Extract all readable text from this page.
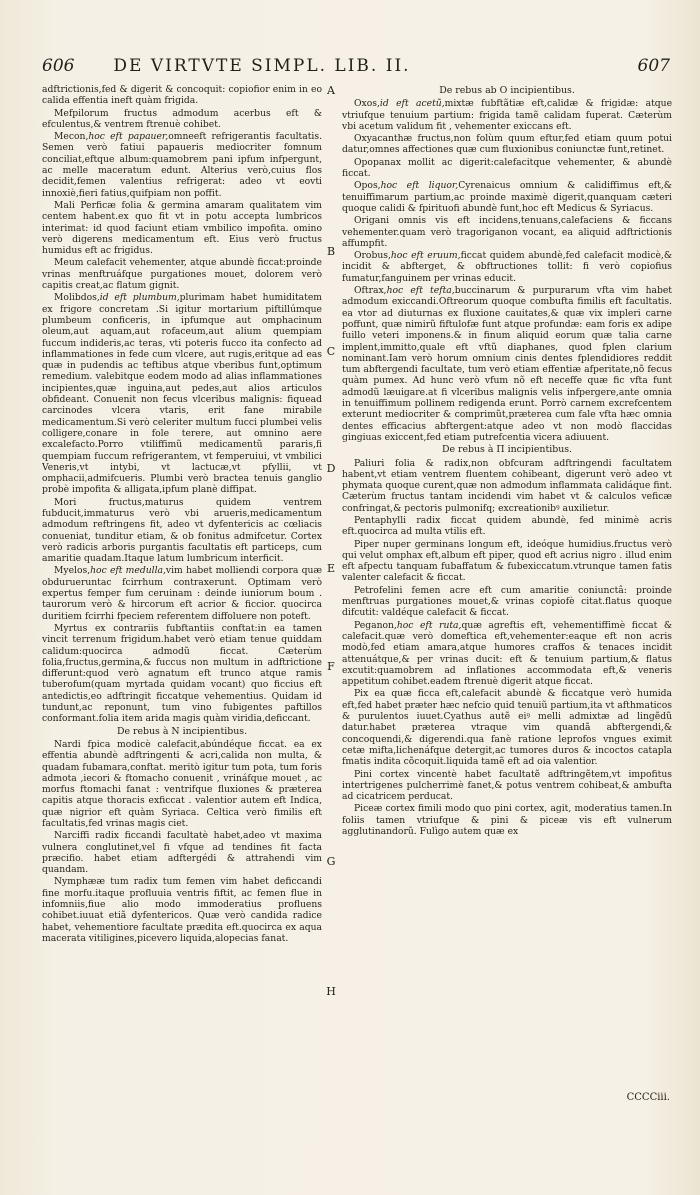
606	DE VIRTVTE SIMPL. LIB. II.	607

adftrictionis,fed & digerit & concoquit: copiofior enim in eo calida effentia ineft quàm frigida.

Mefpilorum fructus admodum acerbus eft & efculentus,& ventrem ftrenuè cohibet.

Mecon,hoc eft papauer,omneeft refrigerantis facultatis. Semen verò fatiui papaueris mediocriter fomnum conciliat,eftque album:quamobrem pani ipfum infpergunt, ac melle maceratum edunt. Alterius verò,cuius flos decidit,femen valentius refrigerat: adeo vt eovti innoxiè,fieri fatius,quifpiam non poffit.

Mali Perficæ folia & germina amaram qualitatem vim centem habent.ex quo fit vt in potu accepta lumbricos interimat: id quod faciunt etiam vmbilico impofita. omino verò digerens medicamentum eft. Eius verò fructus humidus eft ac frigidus.

Meum calefacit vehementer, atque abundè ficcat:proinde vrinas menftruáfque purgationes mouet, dolorem verò capitis creat,ac flatum gignit.

Molibdos,id eft plumbum,plurimam habet humiditatem ex frigore concretam .Si igitur mortarium piftillúmque plumbeum conficeris, in ipfumque aut omphacinum oleum,aut aquam,aut rofaceum,aut alium quempiam fuccum indideris,ac teras, vti poteris fucco ita confecto ad inflammationes in fede cum vlcere, aut rugis,eritque ad eas quæ in pudendis ac teftibus atque vberibus funt,optimum remedium. valebitque eodem modo ad alias inflammationes incipientes,quæ inguina,aut pedes,aut alios articulos obfideant. Conuenit non fecus vlceribus malignis: fiquead carcinodes vlcera vtaris, erit fane mirabile medicamentum.Si verò celeriter multum fucci plumbei velis colligere,conare in fole terere, aut omnino aere excalefacto.Porro vtiliffimũ medicamentũ pararis,fi quempiam fuccum refrigerantem, vt femperuiui, vt vmbilici Veneris,vt intybi, vt lactucæ,vt pfyllii, vt omphacii,admifcueris. Plumbi verò bractea tenuis ganglio probè impofita & alligata,ipfum planè diffipat.

Mori fructus,maturus quidem ventrem fubducit,immaturus verò vbi arueris,medicamentum admodum reftringens fit, adeo vt dyfentericis ac cœliacis conueniat, tunditur etiam, & ob fonitus admifcetur. Cortex verò radicis arboris purgantis facultatis eft particeps, cum amaritie quadam.Itaque latum lumbricum interficit.

Myelos,hoc eft medulla,vim habet molliendi corpora quæ obdurueruntac fcirrhum contraxerunt. Optimam verò expertus femper fum ceruinam : deinde iuniorum boum . taurorum verò & hircorum eft acrior & ficcior. quocirca duritiem fcirrhi fpeciem referentem diffoluere non poteft.

Myrtus ex contrariis fubftantiis conftat:in ea tamen vincit terrenum frigidum.habet verò etiam tenue quiddam calidum:quocirca admodũ ficcat. Cæterùm folia,fructus,germina,& fuccus non multum in adftrictione differunt:quod verò agnatum eft trunco atque ramis tuberofum(quam myrtada quidam vocant) quo ficcius eft antedictis,eo adftringit ficcatque vehementius. Quidam id tundunt,ac reponunt, tum vino fubigentes paftillos conformant.folia item arida magis quàm viridia,deficcant.

De rebus à N incipientibus.

Nardi fpica modicè calefacit,abúndéque ficcat. ea ex effentia abundè adftringenti & acri,calida non multa, & quadam fubamara,conftat. meritò igitur tum pota, tum foris admota ,iecori & ftomacho conuenit , vrináfque mouet , ac morfus ftomachi fanat : ventrifque fluxiones & præterea capitis atque thoracis exficcat . valentior autem eft Indica, quæ nigrior eft quàm Syriaca. Celtica verò fimilis eft facultatis,fed vrinas magis ciet.

Narciffi radix ficcandi facultatè habet,adeo vt maxima vulnera conglutinet,vel fi vfque ad tendines fit facta præcifio. habet etiam adftergédi & attrahendi vim quandam.

Nymphææ tum radix tum femen vim habet deficcandi fine morfu.itaque profluuia ventris fiftit, ac femen flue in infomniis,fiue alio modo immoderatius profluens cohibet.iuuat etiã dyfentericos. Quæ verò candida radice habet, vehementiore facultate prædita eft.quocirca ex aqua macerata vitiligines,picevero liquida,alopecias fanat.

De rebus ab O incipientibus.

Oxos,id eft acetũ,mixtæ fubftãtiæ eft,calidæ & frigidæ: atque vtriufque tenuium partium: frigida tamẽ calidam fuperat. Cæterùm vbi acetum validum fit , vehementer exiccans eft.

Oxyacanthæ fructus,non folùm quum eftur,fed etiam quum potui datur,omnes affectiones quæ cum fluxionibus coniunctæ funt,retinet.

Opopanax mollit ac digerit:calefacitque vehementer, & abundè ficcat.

Opos,hoc eft liquor,Cyrenaicus omnium & calidiffimus eft,& tenuiffimarum partium,ac proinde maximè digerit,quanquam cæteri quoque calidi & fpirituofi abundè funt,hoc eft Medicus & Syriacus.

Origani omnis vis eft incidens,tenuans,calefaciens & ficcans vehementer.quam verò tragoriganon vocant, ea aliquid adftrictionis affumpfit.

Orobus,hoc eft eruum,ficcat quidem abundè,fed calefacit modicè,& incidit & abfterget, & obftructiones tollit: fi verò copiofius fumatur,fanguinem per vrinas educit.

Oftrax,hoc eft tefta,buccinarum & purpurarum vfta vim habet admodum exiccandi.Oftreorum quoque combufta fimilis eft facultatis. ea vtor ad diuturnas ex fluxione cauitates,& quæ vix impleri carne poffunt, quæ nimirũ fiftulofæ funt atque profundæ: eam foris ex adipe fuillo veteri imponens.& in finum aliquid eorum quæ talia carne implent,immitto,quale eft vftũ diaphanes, quod fplen clarium nominant.Iam verò horum omnium cinis dentes fplendidiores reddit tum abftergendi facultate, tum verò etiam effentiæ afperitate,nõ fecus quàm pumex. Ad hunc verò vfum nõ eft neceffe quæ fic vfta funt admodũ læuigare.at fi vlceribus malignis velis infpergere,ante omnia in tenuiffimum pollinem redigenda erunt. Porrò carnem excrefcentem exterunt mediocriter & comprimũt,præterea cum fale vfta hæc omnia dentes efficacius abftergent:atque adeo vt non modò flaccidas gingiuas exiccent,fed etiam putrefcentia vicera adiuuent.

De rebus à Π incipientibus.

Paliuri folia & radix,non obfcuram adftringendi facultatem habent,vt etiam ventrem fluentem cohibeant, digerunt verò adeo vt phymata quoque curent,quæ non admodum inflammata calidáque fint. Cæterùm fructus tantam incidendi vim habet vt & calculos veficæ confringat,& pectoris pulmonifq; excreationibꝰ auxilietur.

Pentaphylli radix ficcat quidem abundè, fed minimè acris eft.quocirca ad multa vtilis eft.

Piper nuper germinans longum eft, ideóque humidius.fructus verò qui velut omphax eft,album eft piper, quod eft acrius nigro . illud enim eft afpectu tanquam fubaffatum & fubexiccatum.vtrunque tamen fatis valenter calefacit & ficcat.

Petrofelini femen acre eft cum amaritie coniunctâ: proinde menftruas purgationes mouet,& vrinas copiofè citat.flatus quoque difcutit: valdéque calefacit & ficcat.

Peganon,hoc eft ruta,quæ agreftis eft, vehementiffimè ficcat & calefacit.quæ verò domeftica eft,vehementer:eaque eft non acris modò,fed etiam amara,atque humores craffos & tenaces incidit attenuátque,& per vrinas ducit: eft & tenuium partium,& flatus excutit:quamobrem ad inflationes accommodata eft,& veneris appetitum cohibet.eadem ftrenuè digerit atque ficcat.

Pix ea quæ ficca eft,calefacit abundè & ficcatque verò humida eft,fed habet præter hæc nefcio quid tenuiũ partium,ita vt afthmaticos & purulentos iuuet.Cyathus autẽ eiꝰ melli admixtæ ad lingẽdũ datur.habet præterea vtraque vim quandã abftergendi,& concoquendi,& digerendi.qua fanè ratione leprofos vngues eximit cetæ mifta,lichenáfque detergit,ac tumores duros & incoctos catapla fmatis indita cõcoquit.liquida tamẽ eft ad oia valentior.

Pini cortex vincentè habet facultatẽ adftringẽtem,vt impofitus intertrigenes pulcherrimè fanet,& potus ventrem cohibeat,& ambufta ad cicatricem perducat.

Piceæ cortex fimili modo quo pini cortex, agit, moderatius tamen.In foliis tamen vtriufque & pini & piceæ vis eft vulnerum agglutinandorũ. Fulìgo autem quæ ex

A
B
C
D
E
F
G
H
CCCCiii.
